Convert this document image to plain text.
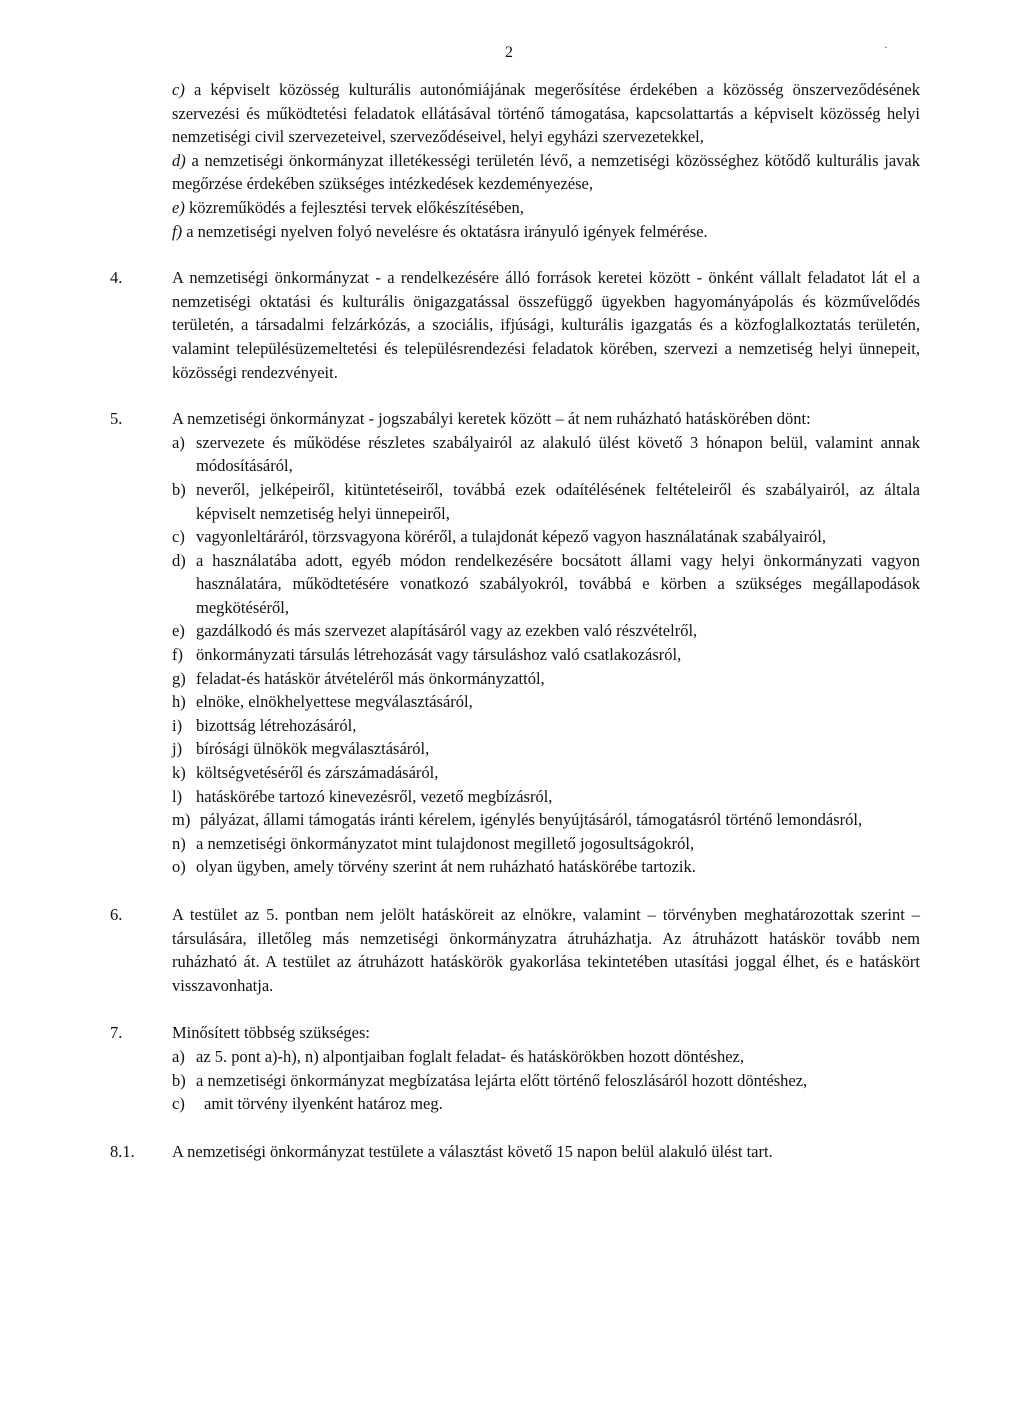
2	·

c) a képviselt közösség kulturális autonómiájának megerősítése érdekében a közösség önszerveződésének szervezési és működtetési feladatok ellátásával történő támogatása, kapcsolattartás a képviselt közösség helyi nemzetiségi civil szervezeteivel, szerveződéseivel, helyi egyházi szervezetekkel,

d) a nemzetiségi önkormányzat illetékességi területén lévő, a nemzetiségi közösséghez kötődő kulturális javak megőrzése érdekében szükséges intézkedések kezdeményezése,

e) közreműködés a fejlesztési tervek előkészítésében,

f) a nemzetiségi nyelven folyó nevelésre és oktatásra irányuló igények felmérése.

4.	A nemzetiségi önkormányzat - a rendelkezésére álló források keretei között - önként vállalt feladatot lát el a nemzetiségi oktatási és kulturális önigazgatással összefüggő ügyekben hagyományápolás és közművelődés területén, a társadalmi felzárkózás, a szociális, ifjúsági, kulturális igazgatás és a közfoglalkoztatás területén, valamint településüzemeltetési és településrendezési feladatok körében, szervezi a nemzetiség helyi ünnepeit, közösségi rendezvényeit.

5.	A nemzetiségi önkormányzat - jogszabályi keretek között – át nem ruházható hatáskörében dönt:

a) szervezete és működése részletes szabályairól az alakuló ülést követő 3 hónapon belül, valamint annak módosításáról,

b) neveről, jelképeiről, kitüntetéseiről, továbbá ezek odaítélésének feltételeiről és szabályairól, az általa képviselt nemzetiség helyi ünnepeiről,

c) vagyonleltáráról, törzsvagyona köréről, a tulajdonát képező vagyon használatának szabályairól,

d) a használatába adott, egyéb módon rendelkezésére bocsátott állami vagy helyi önkormányzati vagyon használatára, működtetésére vonatkozó szabályokról, továbbá e körben a szükséges megállapodások megkötéséről,

e) gazdálkodó és más szervezet alapításáról vagy az ezekben való részvételről,

f) önkormányzati társulás létrehozását vagy társuláshoz való csatlakozásról,

g) feladat-és hatáskör átvételéről más önkormányzattól,

h) elnöke, elnökhelyettese megválasztásáról,

i) bizottság létrehozásáról,

j) bírósági ülnökök megválasztásáról,

k) költségvetéséről és zárszámadásáról,

l) hatáskörébe tartozó kinevezésről, vezető megbízásról,

m) pályázat, állami támogatás iránti kérelem, igénylés benyújtásáról, támogatásról történő lemondásról,

n) a nemzetiségi önkormányzatot mint tulajdonost megillető jogosultságokról,

o) olyan ügyben, amely törvény szerint át nem ruházható hatáskörébe tartozik.

6.	A testület az 5. pontban nem jelölt hatásköreit az elnökre, valamint – törvényben meghatározottak szerint – társulására, illetőleg más nemzetiségi önkormányzatra átruházhatja. Az átruházott hatáskör tovább nem ruházható át. A testület az átruházott hatáskörök gyakorlása tekintetében utasítási joggal élhet, és e hatáskört visszavonhatja.

7.	Minősített többség szükséges:

a) az 5. pont a)-h), n) alpontjaiban foglalt feladat- és hatáskörökben hozott döntéshez,

b) a nemzetiségi önkormányzat megbízatása lejárta előtt történő feloszlásáról hozott döntéshez,

c)	amit törvény ilyenként határoz meg.

8.1. A nemzetiségi önkormányzat testülete a választást követő 15 napon belül alakuló ülést tart.
